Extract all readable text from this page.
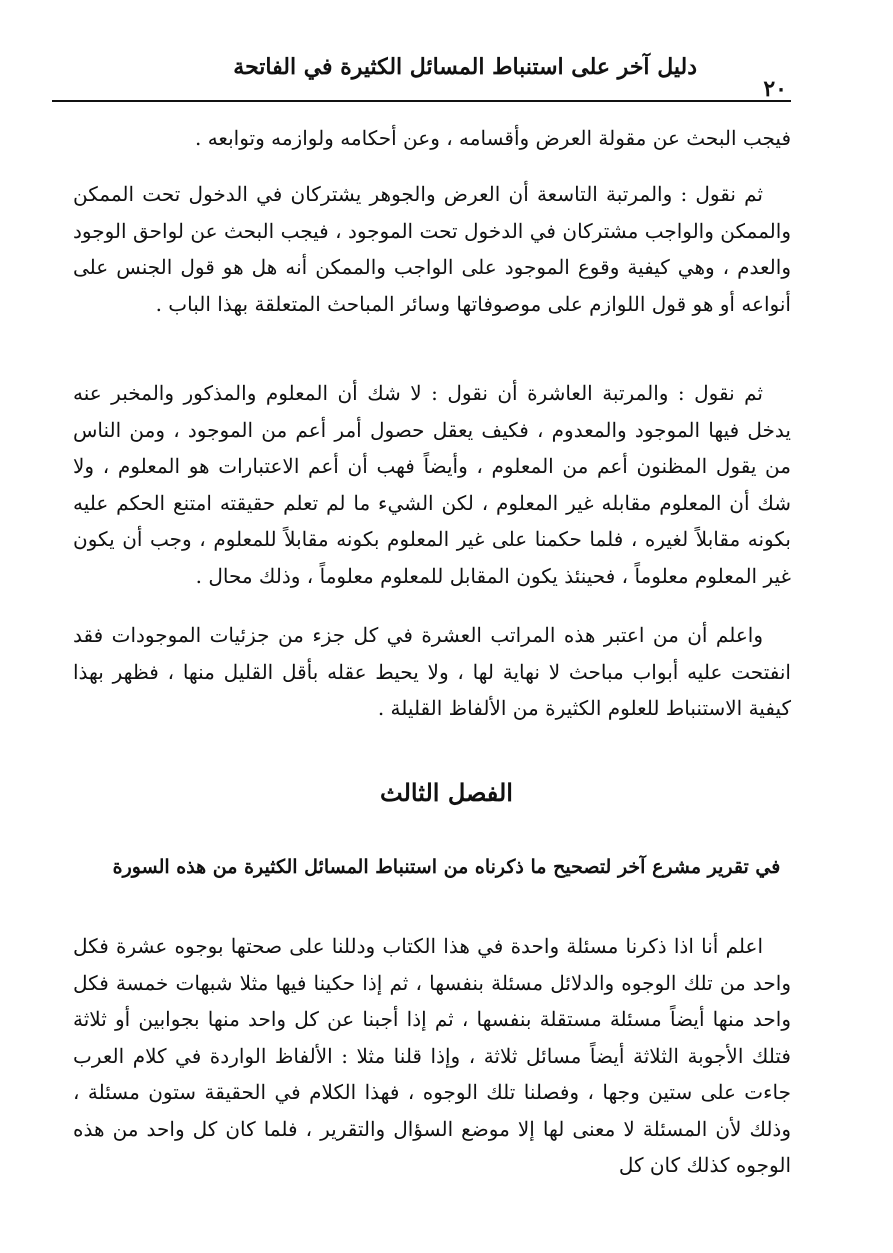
٢٠
دليل آخر على استنباط المسائل الكثيرة في الفاتحة

فيجب البحث عن مقولة العرض وأقسامه ، وعن أحكامه ولوازمه وتوابعه .

ثم نقول : والمرتبة التاسعة أن العرض والجوهر يشتركان في الدخول تحت الممكن والممكن والواجب مشتركان في الدخول تحت الموجود ، فيجب البحث عن لواحق الوجود والعدم ، وهي كيفية وقوع الموجود على الواجب والممكن أنه هل هو قول الجنس على أنواعه أو هو قول اللوازم على موصوفاتها وسائر المباحث المتعلقة بهذا الباب .

ثم نقول : والمرتبة العاشرة أن نقول : لا شك أن المعلوم والمذكور والمخبر عنه يدخل فيها الموجود والمعدوم ، فكيف يعقل حصول أمر أعم من الموجود ، ومن الناس من يقول المظنون أعم من المعلوم ، وأيضاً فهب أن أعم الاعتبارات هو المعلوم ، ولا شك أن المعلوم مقابله غير المعلوم ، لكن الشيء ما لم تعلم حقيقته امتنع الحكم عليه بكونه مقابلاً لغيره ، فلما حكمنا على غير المعلوم بكونه مقابلاً للمعلوم ، وجب أن يكون غير المعلوم معلوماً ، فحينئذ يكون المقابل للمعلوم معلوماً ، وذلك محال .

واعلم أن من اعتبر هذه المراتب العشرة في كل جزء من جزئيات الموجودات فقد انفتحت عليه أبواب مباحث لا نهاية لها ، ولا يحيط عقله بأقل القليل منها ، فظهر بهذا كيفية الاستنباط للعلوم الكثيرة من الألفاظ القليلة .

الفصل الثالث
في تقرير مشرع آخر لتصحيح ما ذكرناه من استنباط المسائل الكثيرة من هذه السورة

اعلم أنا اذا ذكرنا مسئلة واحدة في هذا الكتاب ودللنا على صحتها بوجوه عشرة فكل واحد من تلك الوجوه والدلائل مسئلة بنفسها ، ثم إذا حكينا فيها مثلا شبهات خمسة فكل واحد منها أيضاً مسئلة مستقلة بنفسها ، ثم إذا أجبنا عن كل واحد منها بجوابين أو ثلاثة فتلك الأجوبة الثلاثة أيضاً مسائل ثلاثة ، وإذا قلنا مثلا : الألفاظ الواردة في كلام العرب جاءت على ستين وجها ، وفصلنا تلك الوجوه ، فهذا الكلام في الحقيقة ستون مسئلة ، وذلك لأن المسئلة لا معنى لها إلا موضع السؤال والتقرير ، فلما كان كل واحد من هذه الوجوه كذلك كان كل
